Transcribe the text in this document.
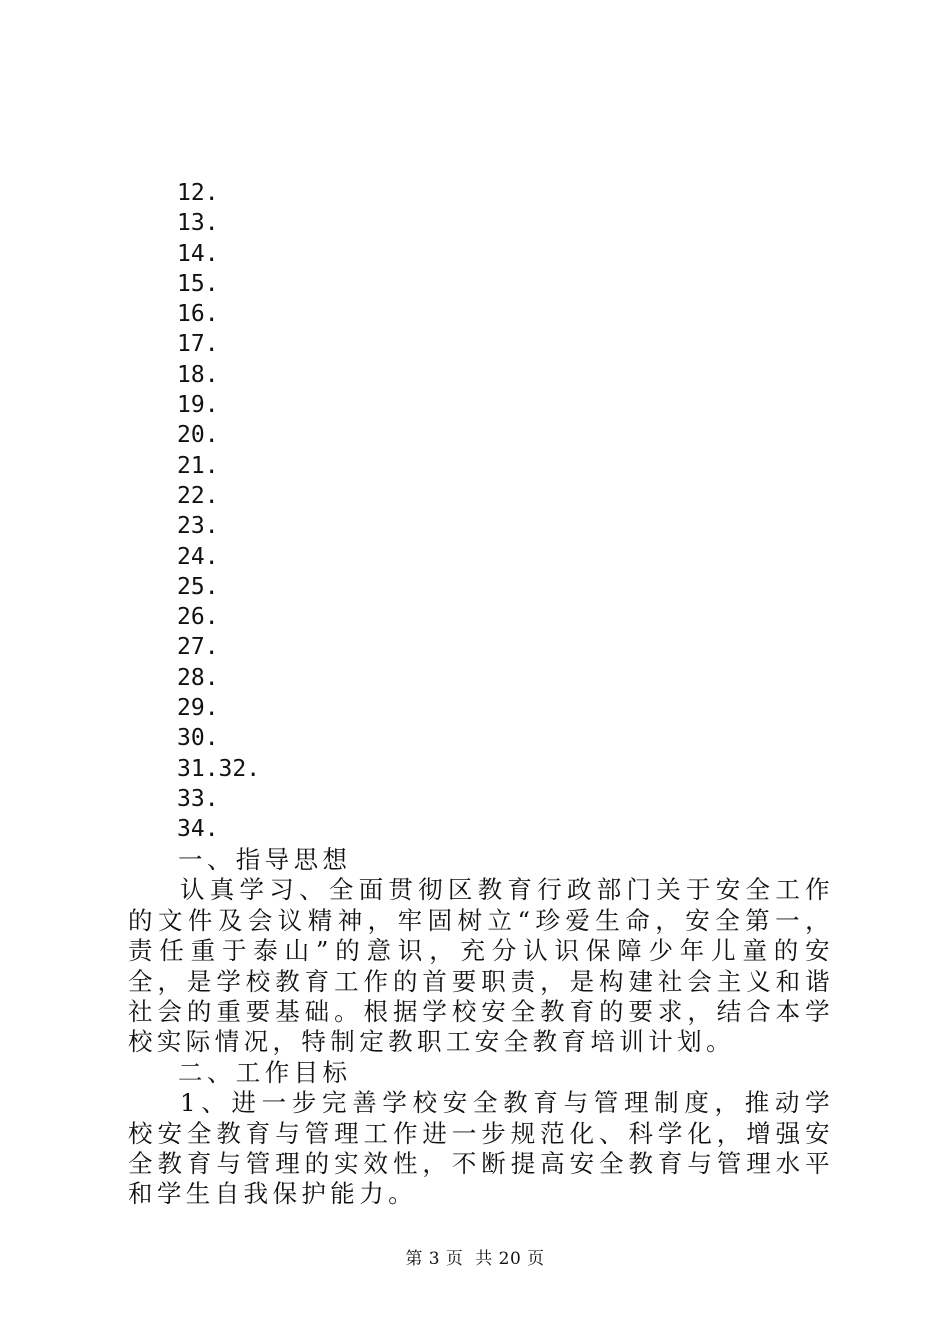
12.
13.
14.
15.
16.
17.
18.
19.
20.
21.
22.
23.
24.
25.
26.
27.
28.
29.
30.
31.32.
33.
34.
一、指导思想

认真学习、全面贯彻区教育行政部门关于安全工作的文件及会议精神，牢固树立“珍爱生命，安全第一，责任重于泰山”的意识，充分认识保障少年儿童的安全，是学校教育工作的首要职责，是构建社会主义和谐社会的重要基础。根据学校安全教育的要求，结合本学校实际情况，特制定教职工安全教育培训计划。

二、工作目标

1、进一步完善学校安全教育与管理制度，推动学校安全教育与管理工作进一步规范化、科学化，增强安全教育与管理的实效性，不断提高安全教育与管理水平和学生自我保护能力。

第 3 页  共 20 页
